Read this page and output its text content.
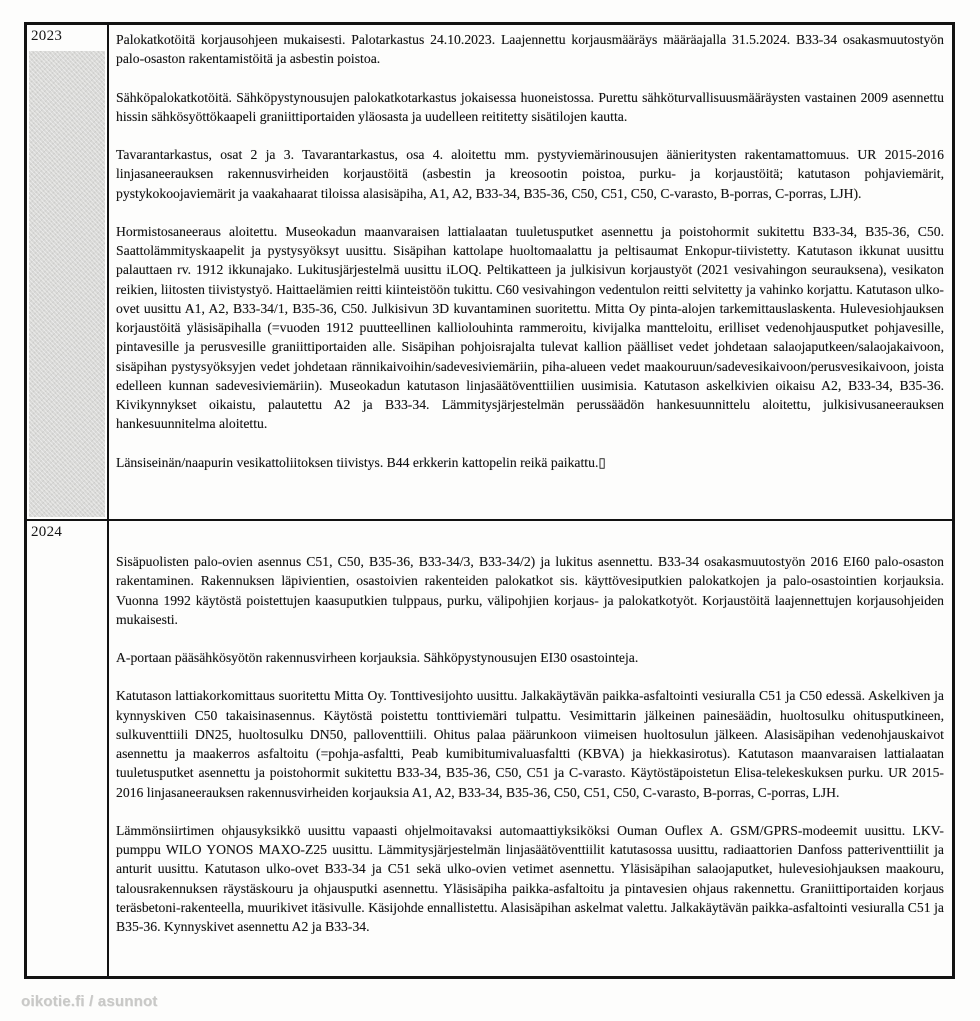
2023	Palokatkotöitä korjausohjeen mukaisesti. Palotarkastus 24.10.2023. Laajennettu korjausmääräys määräajalla 31.5.2024. B33-34 osakasmuutostyön palo-osaston rakentamistöitä ja asbestin poistoa.

Sähköpalokatkotöitä. Sähköpystynousujen palokatkotarkastus jokaisessa huoneistossa. Purettu sähköturvallisuusmääräysten vastainen 2009 asennettu hissin sähkösyöttökaapeli graniittiportaiden yläosasta ja uudelleen reititetty sisätilojen kautta.

Tavarantarkastus, osat 2 ja 3. Tavarantarkastus, osa 4. aloitettu mm. pystyviemärinousujen äänieritysten rakentamattomuus. UR 2015-2016 linjasaneerauksen rakennusvirheiden korjaustöitä (asbestin ja kreosootin poistoa, purku- ja korjaustöitä; katutason pohjaviemärit, pystykokoojaviemärit ja vaakahaarat tiloissa alasisäpiha, A1, A2, B33-34, B35-36, C50, C51, C50, C-varasto, B-porras, C-porras, LJH).

Hormistosaneeraus aloitettu. Museokadun maanvaraisen lattialaatan tuuletusputket asennettu ja poistohormit sukitettu B33-34, B35-36, C50. Saattolämmityskaapelit ja pystysyöksyt uusittu. Sisäpihan kattolape huoltomaalattu ja peltisaumat Enkopur-tiivistetty. Katutason ikkunat uusittu palauttaen rv. 1912 ikkunajako. Lukitusjärjestelmä uusittu iLOQ. Peltikatteen ja julkisivun korjaustyöt (2021 vesivahingon seurauksena), vesikaton reikien, liitosten tiivistystyö. Haittaelämien reitti kiinteistöön tukittu. C60 vesivahingon vedentulon reitti selvitetty ja vahinko korjattu. Katutason ulko-ovet uusittu A1, A2, B33-34/1, B35-36, C50. Julkisivun 3D kuvantaminen suoritettu. Mitta Oy pinta-alojen tarkemittauslaskenta. Hulevesiohjauksen korjaustöitä yläsisäpihalla (=vuoden 1912 puutteellinen kalliolouhinta rammeroitu, kivijalka mantteloitu, erilliset vedenohjausputket pohjavesille, pintavesille ja perusvesille graniittiportaiden alle. Sisäpihan pohjoisrajalta tulevat kallion päälliset vedet johdetaan salaojaputkeen/salaojakaivoon, sisäpihan pystysyöksyjen vedet johdetaan rännikaivoihin/sadevesiviemäriin, piha-alueen vedet maakouruun/sadevesikaivoon/perusvesikaivoon, joista edelleen kunnan sadevesiviemäriin). Museokadun katutason linjasäätöventtiilien uusimisia. Katutason askelkivien oikaisu A2, B33-34, B35-36. Kivikynnykset oikaistu, palautettu A2 ja B33-34. Lämmitysjärjestelmän perussäädön hankesuunnittelu aloitettu, julkisivusaneerauksen hankesuunnitelma aloitettu.

Länsiseinän/naapurin vesikattoliitoksen tiivistys. B44 erkkerin kattopelin reikä paikattu.▯

2024

Sisäpuolisten palo-ovien asennus C51, C50, B35-36, B33-34/3, B33-34/2) ja lukitus asennettu. B33-34 osakasmuutostyön 2016 EI60 palo-osaston rakentaminen. Rakennuksen läpivientien, osastoivien rakenteiden palokatkot sis. käyttövesiputkien palokatkojen ja palo-osastointien korjauksia. Vuonna 1992 käytöstä poistettujen kaasuputkien tulppaus, purku, välipohjien korjaus- ja palokatkotyöt. Korjaustöitä laajennettujen korjausohjeiden mukaisesti.

A-portaan pääsähkösyötön rakennusvirheen korjauksia. Sähköpystynousujen EI30 osastointeja.

Katutason lattiakorkomittaus suoritettu Mitta Oy. Tonttivesijohto uusittu. Jalkakäytävän paikka-asfaltointi vesiuralla C51 ja C50 edessä. Askelkiven ja kynnyskiven C50 takaisinasennus. Käytöstä poistettu tonttiviemäri tulpattu. Vesimittarin jälkeinen painesäädin, huoltosulku ohitusputkineen, sulkuventtiili DN25, huoltosulku DN50, palloventtiili. Ohitus palaa päärunkoon viimeisen huoltosulun jälkeen. Alasisäpihan vedenohjauskaivot asennettu ja maakerros asfaltoitu (=pohja-asfaltti, Peab kumibitumivaluasfaltti (KBVA) ja hiekkasirotus). Katutason maanvaraisen lattialaatan tuuletusputket asennettu ja poistohormit sukitettu B33-34, B35-36, C50, C51 ja C-varasto. Käytöstäpoistetun Elisa-telekeskuksen purku. UR 2015-2016 linjasaneerauksen rakennusvirheiden korjauksia A1, A2, B33-34, B35-36, C50, C51, C50, C-varasto, B-porras, C-porras, LJH.

Lämmönsiirtimen ohjausyksikkö uusittu vapaasti ohjelmoitavaksi automaattiyksiköksi Ouman Ouflex A. GSM/GPRS-modeemit uusittu. LKV-pumppu WILO YONOS MAXO-Z25 uusittu. Lämmitysjärjestelmän linjasäätöventtiilit katutasossa uusittu, radiaattorien Danfoss patteriventtiilit ja anturit uusittu. Katutason ulko-ovet B33-34 ja C51 sekä ulko-ovien vetimet asennettu. Yläsisäpihan salaojaputket, hulevesiohjauksen maakouru, talousrakennuksen räystäskouru ja ohjausputki asennettu. Yläsisäpiha paikka-asfaltoitu ja pintavesien ohjaus rakennettu. Graniittiportaiden korjaus teräsbetoni-rakenteella, muurikivet itäsivulle. Käsijohde ennallistettu. Alasisäpihan askelmat valettu. Jalkakäytävän paikka-asfaltointi vesiuralla C51 ja B35-36. Kynnyskivet asennettu A2 ja B33-34.

oikotie.fi / asunnot
